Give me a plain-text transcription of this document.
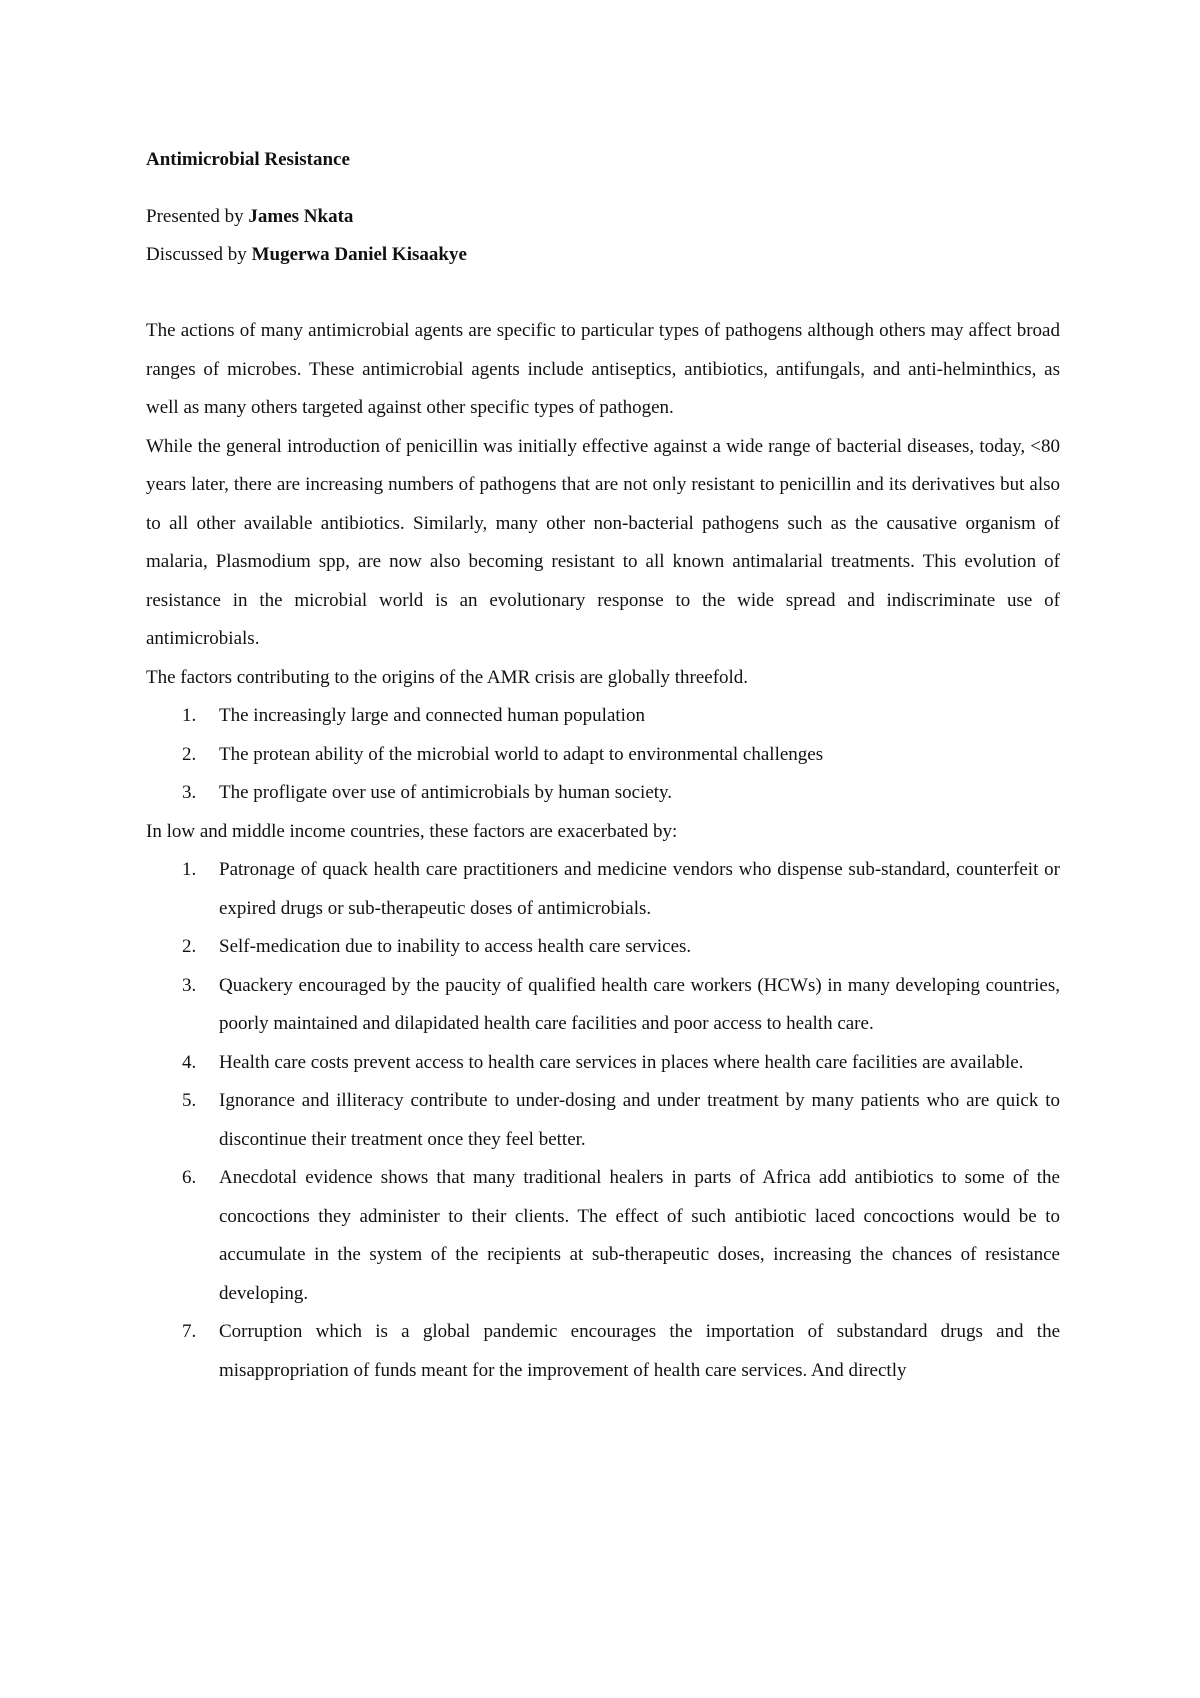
Antimicrobial Resistance
Presented by James Nkata
Discussed by Mugerwa Daniel Kisaakye

The actions of many antimicrobial agents are specific to particular types of pathogens although others may affect broad ranges of microbes. These antimicrobial agents include antiseptics, antibiotics, antifungals, and anti-helminthics, as well as many others targeted against other specific types of pathogen.

While the general introduction of penicillin was initially effective against a wide range of bacterial diseases, today, <80 years later, there are increasing numbers of pathogens that are not only resistant to penicillin and its derivatives but also to all other available antibiotics. Similarly, many other non-bacterial pathogens such as the causative organism of malaria, Plasmodium spp, are now also becoming resistant to all known antimalarial treatments. This evolution of resistance in the microbial world is an evolutionary response to the wide spread and indiscriminate use of antimicrobials.

The factors contributing to the origins of the AMR crisis are globally threefold.

1. The increasingly large and connected human population
2. The protean ability of the microbial world to adapt to environmental challenges
3. The profligate over use of antimicrobials by human society.

In low and middle income countries, these factors are exacerbated by:

1. Patronage of quack health care practitioners and medicine vendors who dispense sub-standard, counterfeit or expired drugs or sub-therapeutic doses of antimicrobials.
2. Self-medication due to inability to access health care services.
3. Quackery encouraged by the paucity of qualified health care workers (HCWs) in many developing countries, poorly maintained and dilapidated health care facilities and poor access to health care.
4. Health care costs prevent access to health care services in places where health care facilities are available.
5. Ignorance and illiteracy contribute to under-dosing and under treatment by many patients who are quick to discontinue their treatment once they feel better.
6. Anecdotal evidence shows that many traditional healers in parts of Africa add antibiotics to some of the concoctions they administer to their clients. The effect of such antibiotic laced concoctions would be to accumulate in the system of the recipients at sub-therapeutic doses, increasing the chances of resistance developing.
7. Corruption which is a global pandemic encourages the importation of substandard drugs and the misappropriation of funds meant for the improvement of health care services. And directly
